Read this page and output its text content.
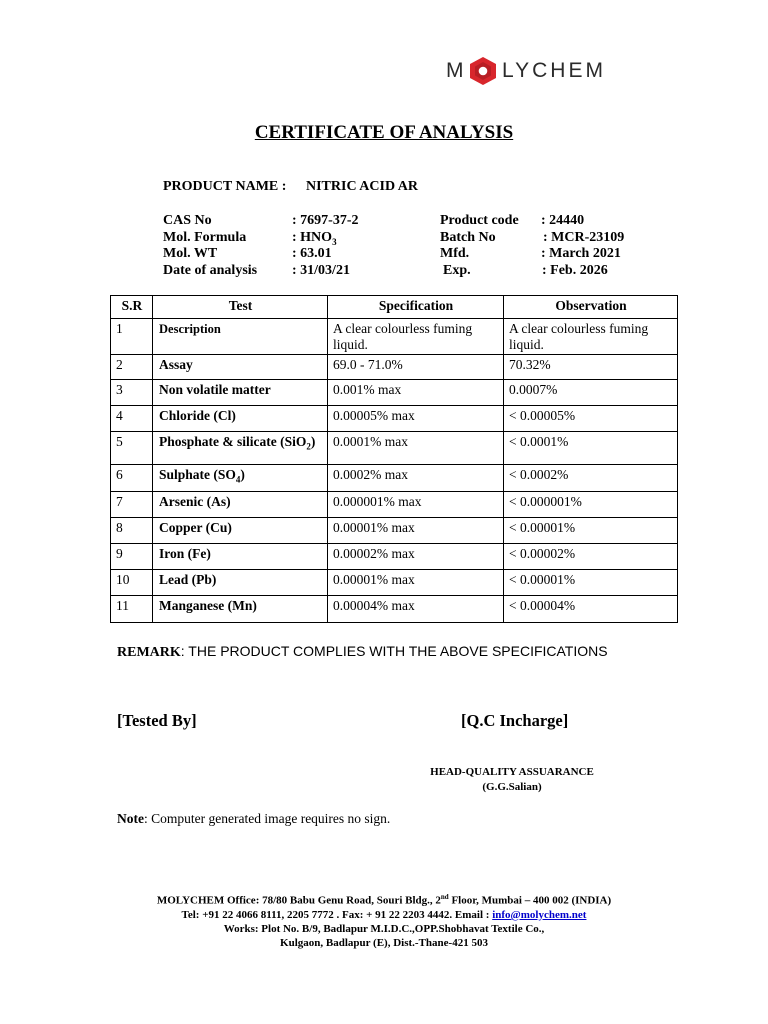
M LYCHEM
CERTIFICATE OF ANALYSIS
PRODUCT NAME : NITRIC ACID AR
CAS No	: 7697-37-2
Mol. Formula	: $HNO_3$
Mol. WT	: 63.01
Date of analysis : 31/03/21
Product code : 24440
Batch No	: MCR-23109
Mfd.	: March 2021
Exp.	: Feb. 2026
S.R	Test	Specification	Observation
1	Description	A clear colourless fuming liquid.	A clear colourless fuming liquid.
2	Assay	69.0 - 71.0%	70.32%
3	Non volatile matter	0.001% max	0.0007%
4	Chloride (Cl)	0.00005% max	< 0.00005%
5	Phosphate & silicate (SiO$_2$)	0.0001% max	< 0.0001%
6	Sulphate $(SO_4)$	0.0002% max	< 0.0002%
7	Arsenic (As)	0.000001% max	< 0.000001%
8	Copper (Cu)	0.00001% max	< 0.00001%
9	Iron (Fe)	0.00002% max	< 0.00002%
10	Lead (Pb)	0.00001% max	< 0.00001%
11	Manganese (Mn)	0.00004% max	< 0.00004%
REMARK: THE PRODUCT COMPLIES WITH THE ABOVE SPECIFICATIONS
[Tested By]	[Q.C Incharge]
HEAD-QUALITY ASSUARANCE
(G.G.Salian)
Note: Computer generated image requires no sign.
MOLYCHEM Office: 78/80 Babu Genu Road, Souri Bldg., 2nd Floor, Mumbai – 400 002 (INDIA)
Tel: +91 22 4066 8111, 2205 7772 . Fax: + 91 22 2203 4442. Email : info@molychem.net
Works: Plot No. B/9, Badlapur M.I.D.C.,OPP.Shobhavat Textile Co.,
Kulgaon, Badlapur (E), Dist.-Thane-421 503
